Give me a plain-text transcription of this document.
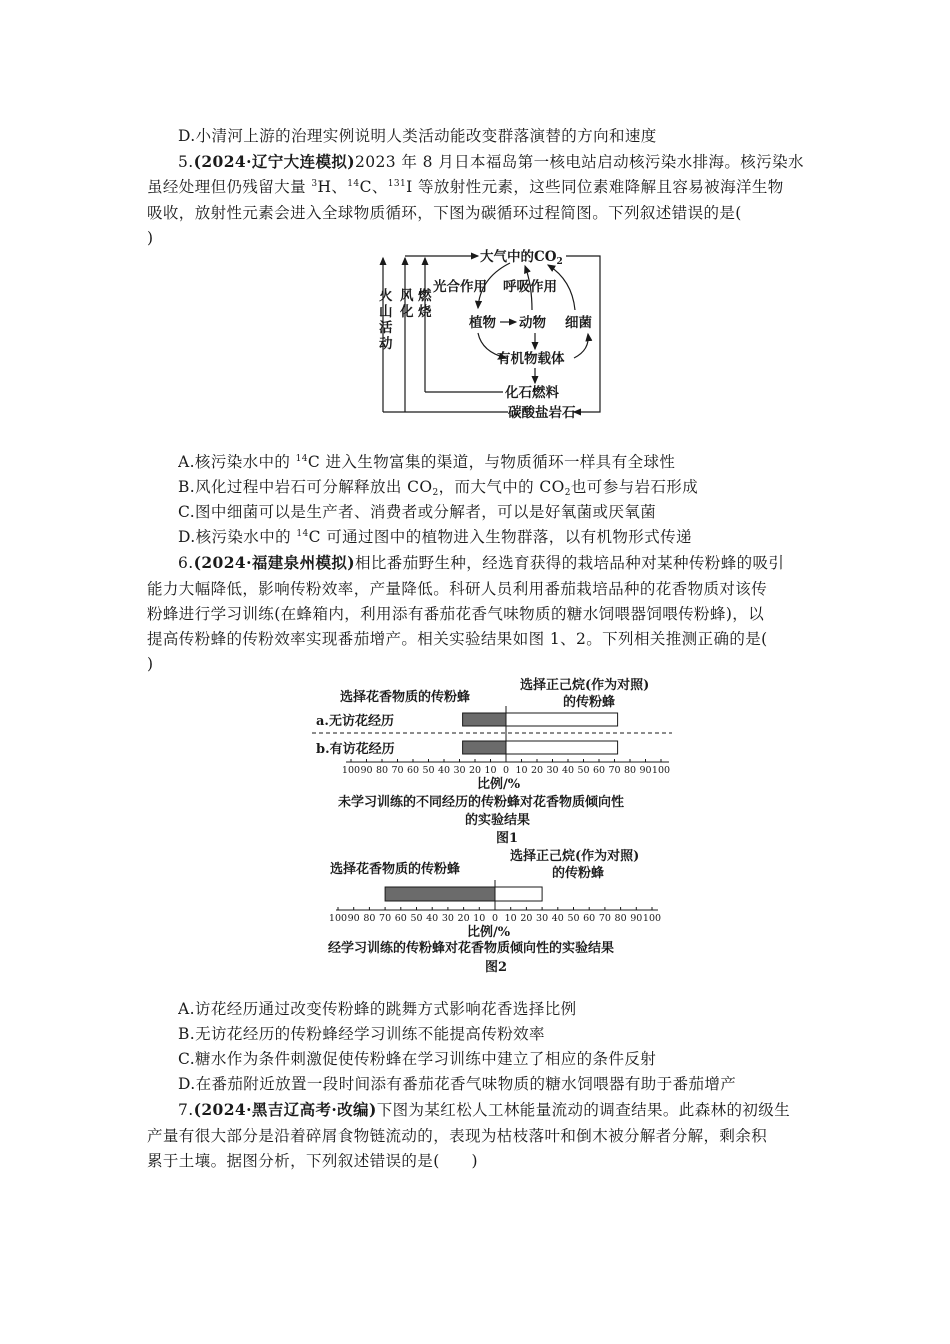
D.小清河上游的治理实例说明人类活动能改变群落演替的方向和速度
5.(2024·辽宁大连模拟)2023 年 8 月日本福岛第一核电站启动核污染水排海。核污染水
虽经处理但仍残留大量 $^3$H、$^{14}$C、$^{131}$I 等放射性元素，这些同位素难降解且容易被海洋生物
吸收，放射性元素会进入全球物质循环，下图为碳循环过程简图。下列叙述错误的是(
)
大气中的$CO_2$
光合作用 呼吸作用
植物 动物 细菌
有机物载体
化石燃料
碳酸盐岩石
火
山
活
动
风
化
燃
烧
A.核污染水中的 $^{14}$C 进入生物富集的渠道，与物质循环一样具有全球性
B.风化过程中岩石可分解释放出 $CO_2$，而大气中的 $CO_2$也可参与岩石形成
C.图中细菌可以是生产者、消费者或分解者，可以是好氧菌或厌氧菌
D.核污染水中的 $^{14}$C 可通过图中的植物进入生物群落，以有机物形式传递
6.(2024·福建泉州模拟)相比番茄野生种，经选育获得的栽培品种对某种传粉蜂的吸引
能力大幅降低，影响传粉效率，产量降低。科研人员利用番茄栽培品种的花香物质对该传
粉蜂进行学习训练(在蜂箱内，利用添有番茄花香气味物质的糖水饲喂器饲喂传粉蜂)，以
提高传粉蜂的传粉效率实现番茄增产。相关实验结果如图 1、2。下列相关推测正确的是(
)
选择花香物质的传粉蜂
选择正己烷(作为对照)
的传粉蜂
a.无访花经历
b.有访花经历
比例/%
未学习训练的不同经历的传粉蜂对花香物质倾向性
的实验结果
图1
100 90 80 70 60 50 40 30 20 10 0 10 20 30 40 50 60 70 80 90 100
选择花香物质的传粉蜂
选择正己烷(作为对照)
的传粉蜂
比例/%
经学习训练的传粉蜂对花香物质倾向性的实验结果
图2
100 90 80 70 60 50 40 30 20 10 0 10 20 30 40 50 60 70 80 90 100
A.访花经历通过改变传粉蜂的跳舞方式影响花香选择比例
B.无访花经历的传粉蜂经学习训练不能提高传粉效率
C.糖水作为条件刺激促使传粉蜂在学习训练中建立了相应的条件反射
D.在番茄附近放置一段时间添有番茄花香气味物质的糖水饲喂器有助于番茄增产
7.(2024·黑吉辽高考·改编)下图为某红松人工林能量流动的调查结果。此森林的初级生
产量有很大部分是沿着碎屑食物链流动的，表现为枯枝落叶和倒木被分解者分解，剩余积
累于土壤。据图分析，下列叙述错误的是(　　)
